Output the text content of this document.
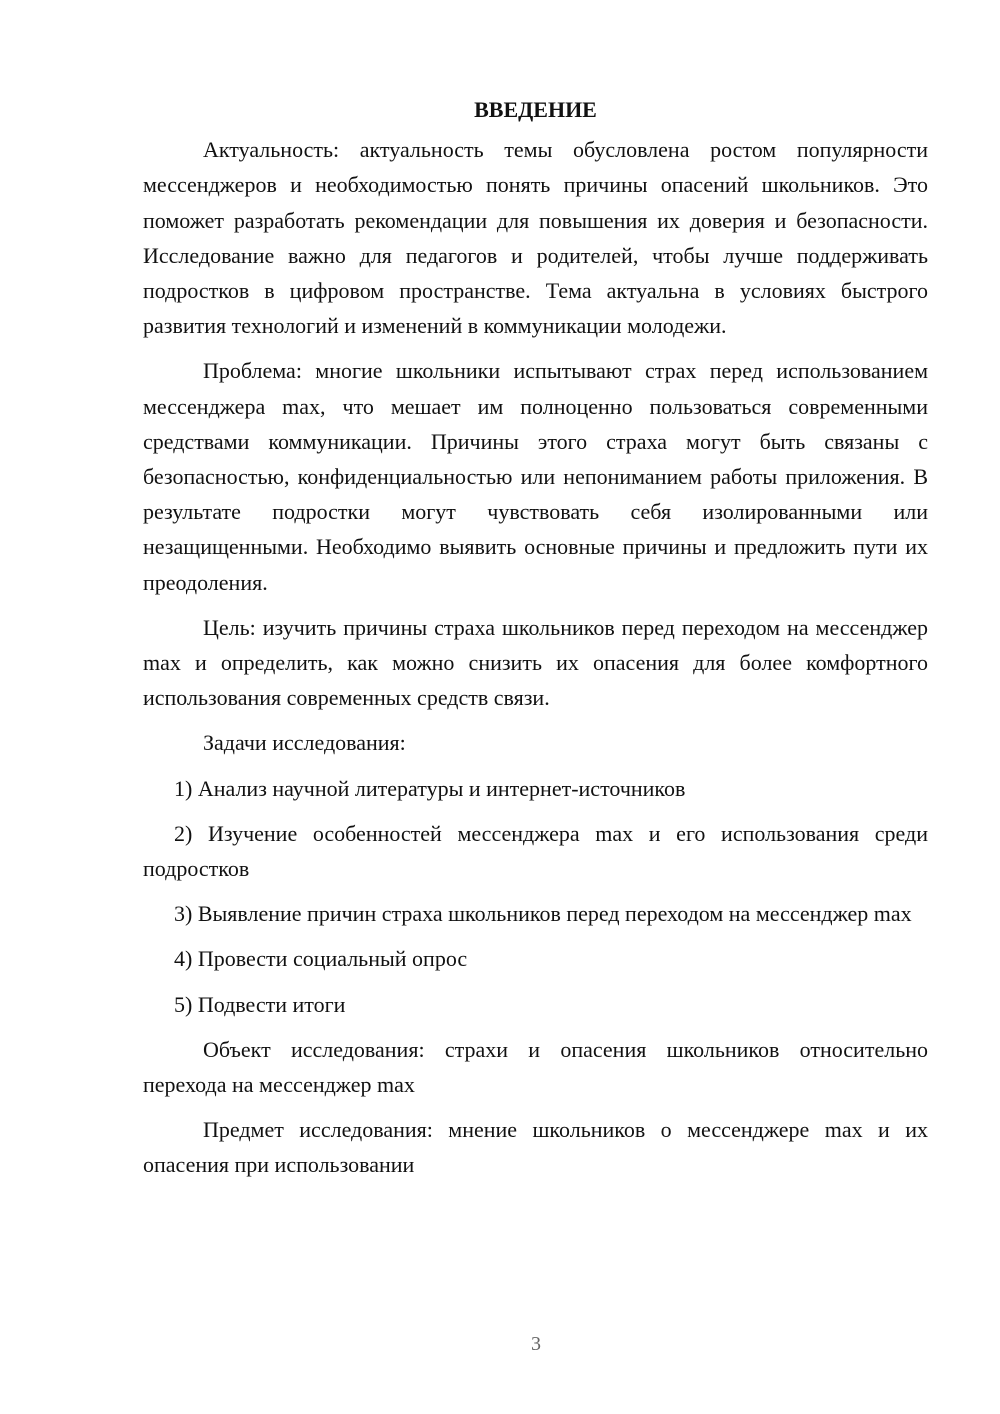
ВВЕДЕНИЕ

Актуальность: актуальность темы обусловлена ростом популярности мессенджеров и необходимостью понять причины опасений школьников. Это поможет разработать рекомендации для повышения их доверия и безопасности. Исследование важно для педагогов и родителей, чтобы лучше поддерживать подростков в цифровом пространстве. Тема актуальна в условиях быстрого развития технологий и изменений в коммуникации молодежи.

Проблема: многие школьники испытывают страх перед использованием мессенджера max, что мешает им полноценно пользоваться современными средствами коммуникации. Причины этого страха могут быть связаны с безопасностью, конфиденциальностью или непониманием работы приложения. В результате подростки могут чувствовать себя изолированными или незащищенными. Необходимо выявить основные причины и предложить пути их преодоления.

Цель: изучить причины страха школьников перед переходом на мессенджер max и определить, как можно снизить их опасения для более комфортного использования современных средств связи.

Задачи исследования:

1) Анализ научной литературы и интернет-источников

2) Изучение особенностей мессенджера max и его использования среди подростков

3) Выявление причин страха школьников перед переходом на мессенджер max

4) Провести социальный опрос

5) Подвести итоги

Объект исследования: страхи и опасения школьников относительно перехода на мессенджер max

Предмет исследования: мнение школьников о мессенджере max и их опасения при использовании

3
